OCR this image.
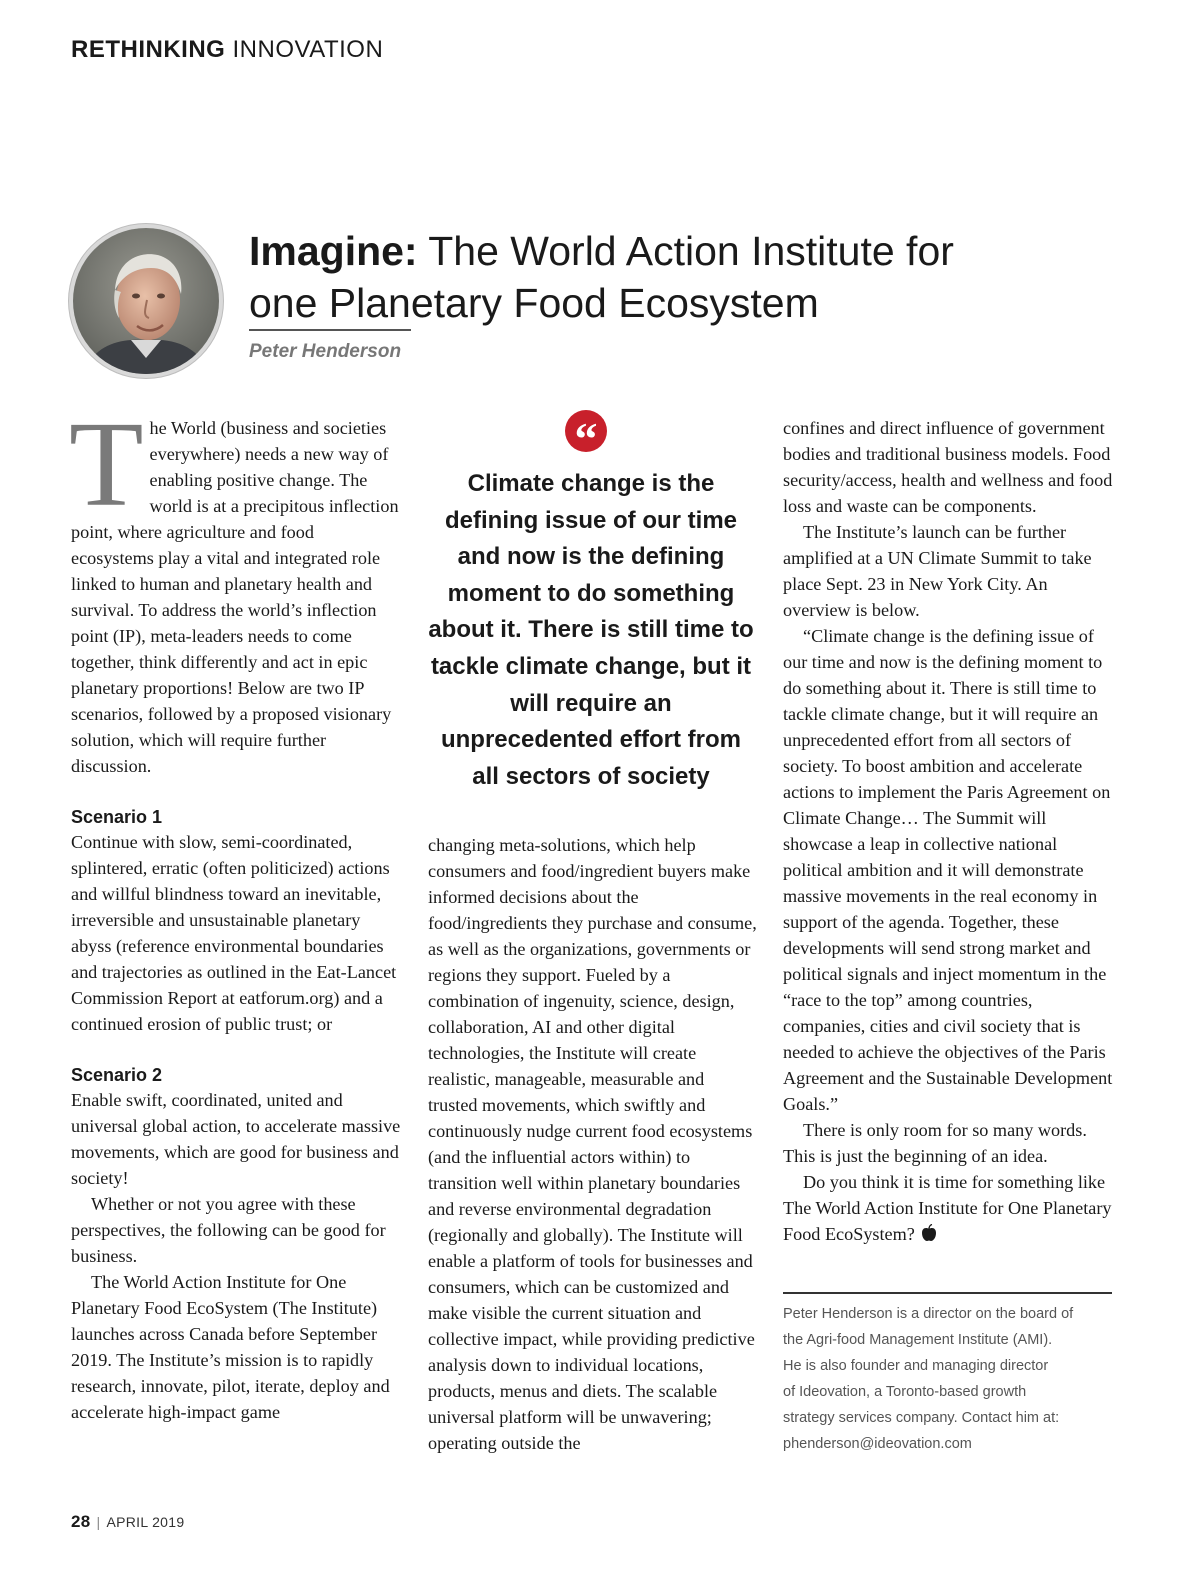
RETHINKING INNOVATION
Imagine: The World Action Institute for one Planetary Food Ecosystem
Peter Henderson

The World (business and societies everywhere) needs a new way of enabling positive change. The world is at a precipitous inflection point, where agriculture and food ecosystems play a vital and integrated role linked to human and planetary health and survival. To address the world’s inflection point (IP), meta-leaders needs to come together, think differently and act in epic planetary proportions! Below are two IP scenarios, followed by a proposed visionary solution, which will require further discussion.

Scenario 1

Continue with slow, semi-coordinated, splintered, erratic (often politicized) actions and willful blindness toward an inevitable, irreversible and unsustainable planetary abyss (reference environmental boundaries and trajectories as outlined in the Eat-Lancet Commission Report at eatforum.org) and a continued erosion of public trust; or

Scenario 2

Enable swift, coordinated, united and universal global action, to accelerate massive movements, which are good for business and society!

Whether or not you agree with these perspectives, the following can be good for business.

The World Action Institute for One Planetary Food EcoSystem (The Institute) launches across Canada before September 2019. The Institute’s mission is to rapidly research, innovate, pilot, iterate, deploy and accelerate high-impact game

“
Climate change is the defining issue of our time and now is the defining moment to do something about it. There is still time to tackle climate change, but it will require an unprecedented effort from all sectors of society

changing meta-solutions, which help consumers and food/ingredient buyers make informed decisions about the food/ingredients they purchase and consume, as well as the organizations, governments or regions they support. Fueled by a combination of ingenuity, science, design, collaboration, AI and other digital technologies, the Institute will create realistic, manageable, measurable and trusted movements, which swiftly and continuously nudge current food ecosystems (and the influential actors within) to transition well within planetary boundaries and reverse environmental degradation (regionally and globally). The Institute will enable a platform of tools for businesses and consumers, which can be customized and make visible the current situation and collective impact, while providing predictive analysis down to individual locations, products, menus and diets. The scalable universal platform will be unwavering; operating outside the

confines and direct influence of government bodies and traditional business models. Food security/access, health and wellness and food loss and waste can be components.

The Institute’s launch can be further amplified at a UN Climate Summit to take place Sept. 23 in New York City. An overview is below.

“Climate change is the defining issue of our time and now is the defining moment to do something about it. There is still time to tackle climate change, but it will require an unprecedented effort from all sectors of society. To boost ambition and accelerate actions to implement the Paris Agreement on Climate Change… The Summit will showcase a leap in collective national political ambition and it will demonstrate massive movements in the real economy in support of the agenda. Together, these developments will send strong market and political signals and inject momentum in the “race to the top” among countries, companies, cities and civil society that is needed to achieve the objectives of the Paris Agreement and the Sustainable Development Goals.”

There is only room for so many words. This is just the beginning of an idea.

Do you think it is time for something like The World Action Institute for One Planetary Food EcoSystem?

Peter Henderson is a director on the board of
the Agri-food Management Institute (AMI).
He is also founder and managing director
of Ideovation, a Toronto-based growth
strategy services company. Contact him at:
phenderson@ideovation.com
28 | APRIL 2019
